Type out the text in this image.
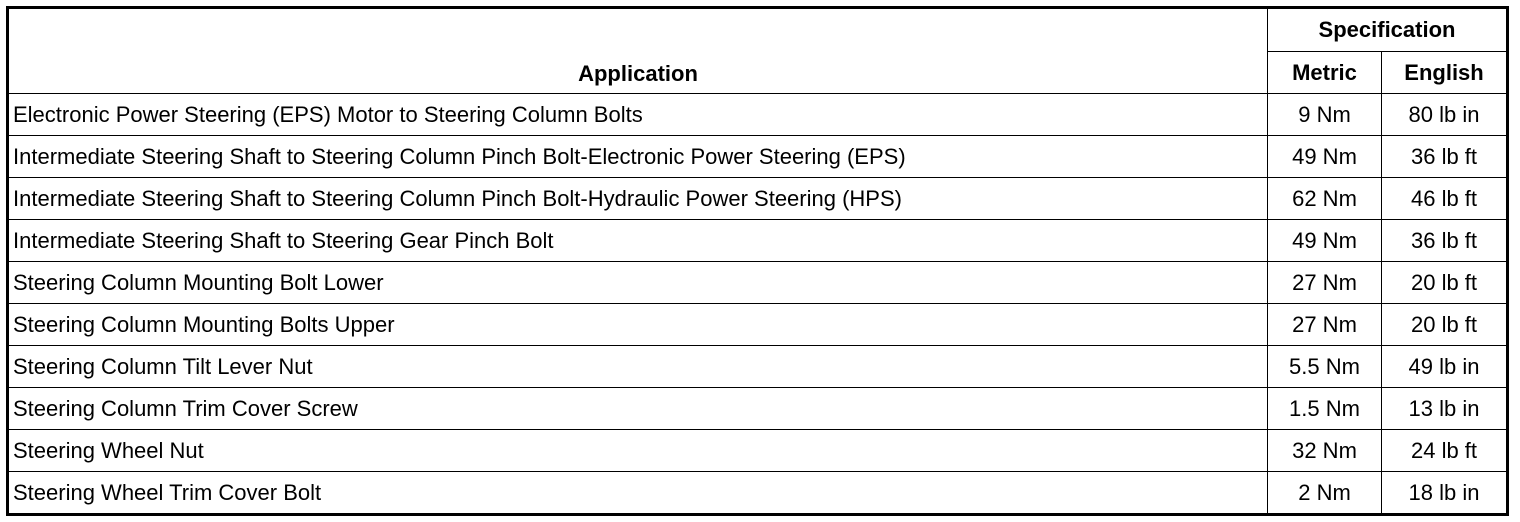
Application	Specification	
	Metric	English
Electronic Power Steering (EPS) Motor to Steering Column Bolts	9 Nm	80 lb in
Intermediate Steering Shaft to Steering Column Pinch Bolt-Electronic Power Steering (EPS)	49 Nm	36 lb ft
Intermediate Steering Shaft to Steering Column Pinch Bolt-Hydraulic Power Steering (HPS)	62 Nm	46 lb ft
Intermediate Steering Shaft to Steering Gear Pinch Bolt	49 Nm	36 lb ft
Steering Column Mounting Bolt Lower	27 Nm	20 lb ft
Steering Column Mounting Bolts Upper	27 Nm	20 lb ft
Steering Column Tilt Lever Nut	5.5 Nm	49 lb in
Steering Column Trim Cover Screw	1.5 Nm	13 lb in
Steering Wheel Nut	32 Nm	24 lb ft
Steering Wheel Trim Cover Bolt	2 Nm	18 lb in
